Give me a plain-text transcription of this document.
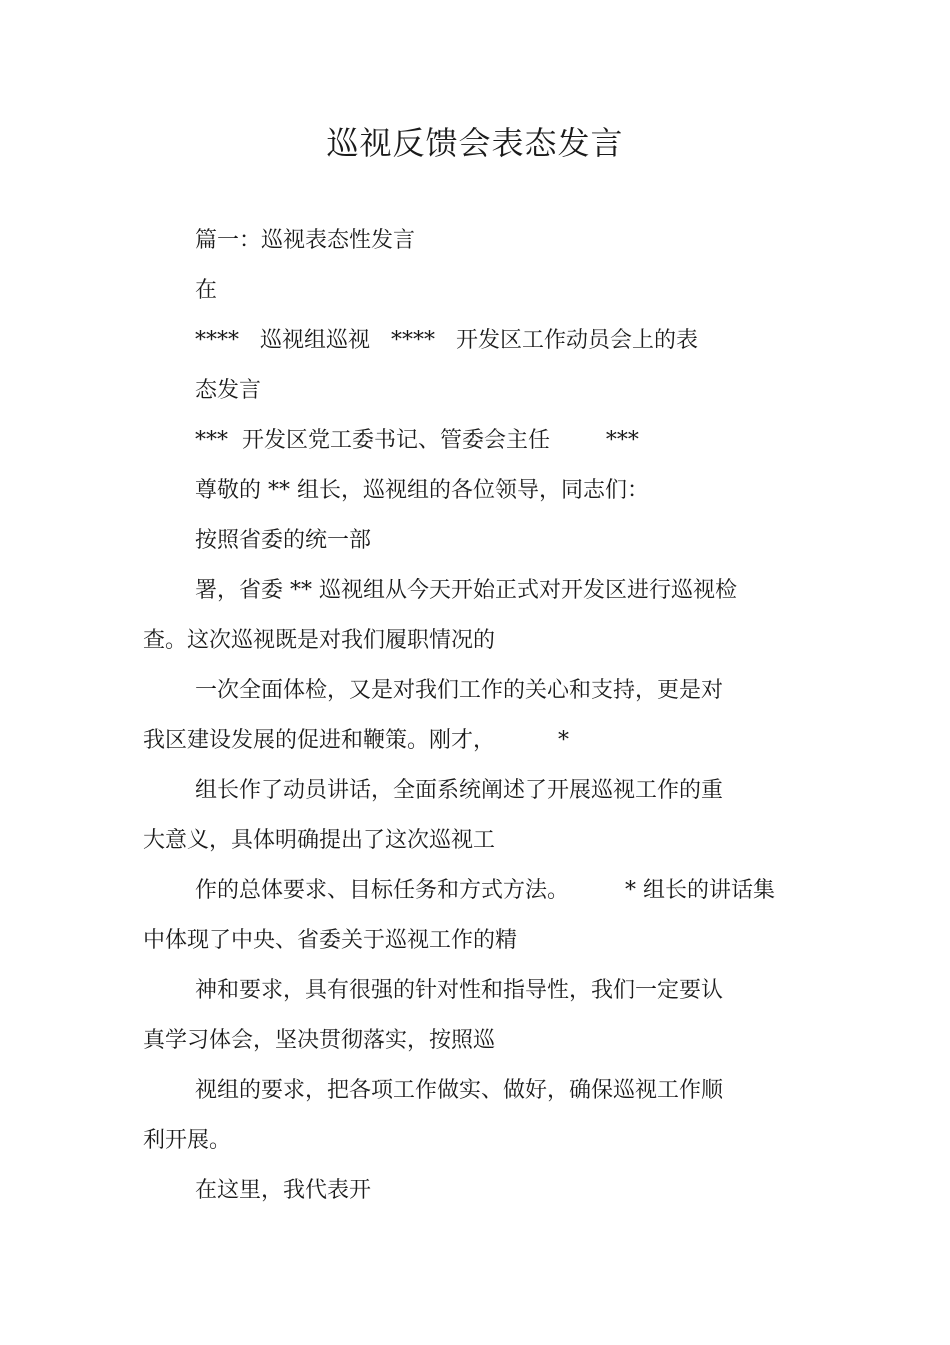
巡视反馈会表态发言

篇一：巡视表态性发言

在

****   巡视组巡视   ****   开发区工作动员会上的表

态发言

***  开发区党工委书记、管委会主任        ***

尊敬的 ** 组长，巡视组的各位领导，同志们：

按照省委的统一部

署，省委 ** 巡视组从今天开始正式对开发区进行巡视检

查。这次巡视既是对我们履职情况的

一次全面体检，又是对我们工作的关心和支持，更是对

我区建设发展的促进和鞭策。刚才，         *

组长作了动员讲话，全面系统阐述了开展巡视工作的重

大意义，具体明确提出了这次巡视工

作的总体要求、目标任务和方式方法。        * 组长的讲话集

中体现了中央、省委关于巡视工作的精

神和要求，具有很强的针对性和指导性，我们一定要认

真学习体会，坚决贯彻落实，按照巡

视组的要求，把各项工作做实、做好，确保巡视工作顺

利开展。

在这里，我代表开
